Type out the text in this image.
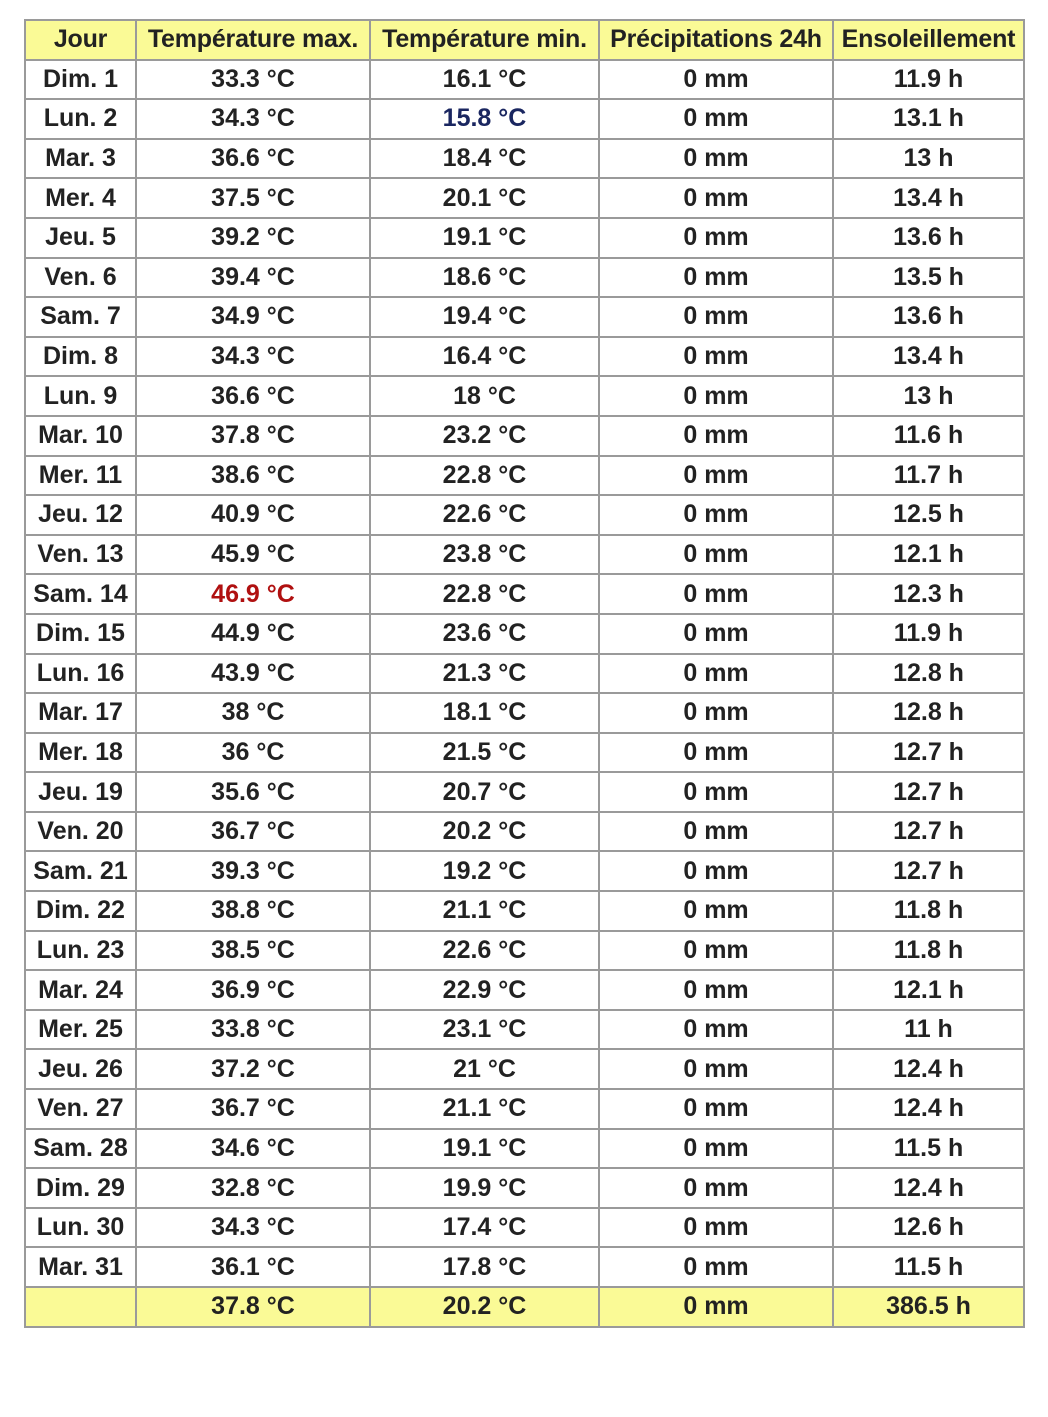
Jour	Température max.	Température min.	Précipitations 24h	Ensoleillement
Dim. 1	33.3 °C	16.1 °C	0 mm	11.9 h
Lun. 2	34.3 °C	15.8 °C	0 mm	13.1 h
Mar. 3	36.6 °C	18.4 °C	0 mm	13 h
Mer. 4	37.5 °C	20.1 °C	0 mm	13.4 h
Jeu. 5	39.2 °C	19.1 °C	0 mm	13.6 h
Ven. 6	39.4 °C	18.6 °C	0 mm	13.5 h
Sam. 7	34.9 °C	19.4 °C	0 mm	13.6 h
Dim. 8	34.3 °C	16.4 °C	0 mm	13.4 h
Lun. 9	36.6 °C	18 °C	0 mm	13 h
Mar. 10	37.8 °C	23.2 °C	0 mm	11.6 h
Mer. 11	38.6 °C	22.8 °C	0 mm	11.7 h
Jeu. 12	40.9 °C	22.6 °C	0 mm	12.5 h
Ven. 13	45.9 °C	23.8 °C	0 mm	12.1 h
Sam. 14	46.9 °C	22.8 °C	0 mm	12.3 h
Dim. 15	44.9 °C	23.6 °C	0 mm	11.9 h
Lun. 16	43.9 °C	21.3 °C	0 mm	12.8 h
Mar. 17	38 °C	18.1 °C	0 mm	12.8 h
Mer. 18	36 °C	21.5 °C	0 mm	12.7 h
Jeu. 19	35.6 °C	20.7 °C	0 mm	12.7 h
Ven. 20	36.7 °C	20.2 °C	0 mm	12.7 h
Sam. 21	39.3 °C	19.2 °C	0 mm	12.7 h
Dim. 22	38.8 °C	21.1 °C	0 mm	11.8 h
Lun. 23	38.5 °C	22.6 °C	0 mm	11.8 h
Mar. 24	36.9 °C	22.9 °C	0 mm	12.1 h
Mer. 25	33.8 °C	23.1 °C	0 mm	11 h
Jeu. 26	37.2 °C	21 °C	0 mm	12.4 h
Ven. 27	36.7 °C	21.1 °C	0 mm	12.4 h
Sam. 28	34.6 °C	19.1 °C	0 mm	11.5 h
Dim. 29	32.8 °C	19.9 °C	0 mm	12.4 h
Lun. 30	34.3 °C	17.4 °C	0 mm	12.6 h
Mar. 31	36.1 °C	17.8 °C	0 mm	11.5 h
	37.8 °C	20.2 °C	0 mm	386.5 h
